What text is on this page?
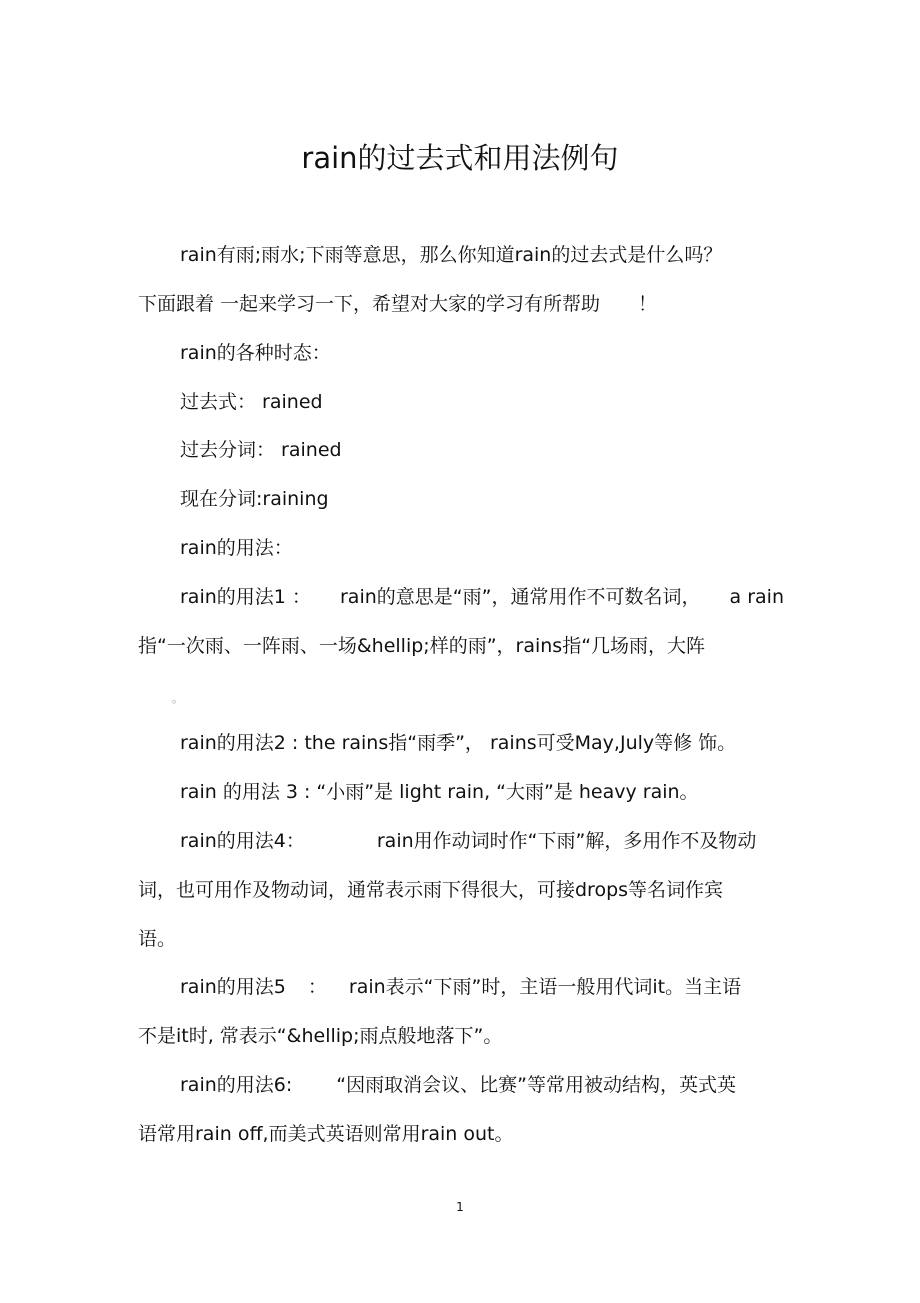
rain的过去式和用法例句

rain有雨;雨水;下雨等意思，那么你知道rain的过去式是什么吗？

下面跟着 一起来学习一下，希望对大家的学习有所帮助 ！

rain的各种时态：

过去式： rained

过去分词： rained

现在分词:raining

rain的用法：

rain的用法1 ： rain的意思是“雨”，通常用作不可数名词， a rain

指“一次雨、一阵雨、一场&hellip;样的雨”，rains指“几场雨，大阵

。

rain的用法2 : the rains指“雨季”， rains可受May,July等修 饰。

rain 的用法 3 : “小雨”是 light rain, “大雨”是 heavy rain。

rain的用法4：	rain用作动词时作“下雨”解，多用作不及物动

词，也可用作及物动词，通常表示雨下得很大，可接drops等名词作宾

语。

rain的用法5 ： rain表示“下雨”时，主语一般用代词it。当主语

不是it时, 常表示“&hellip;雨点般地落下”。

rain的用法6: “因雨取消会议、比赛”等常用被动结构，英式英

语常用rain off,而美式英语则常用rain out。

1
